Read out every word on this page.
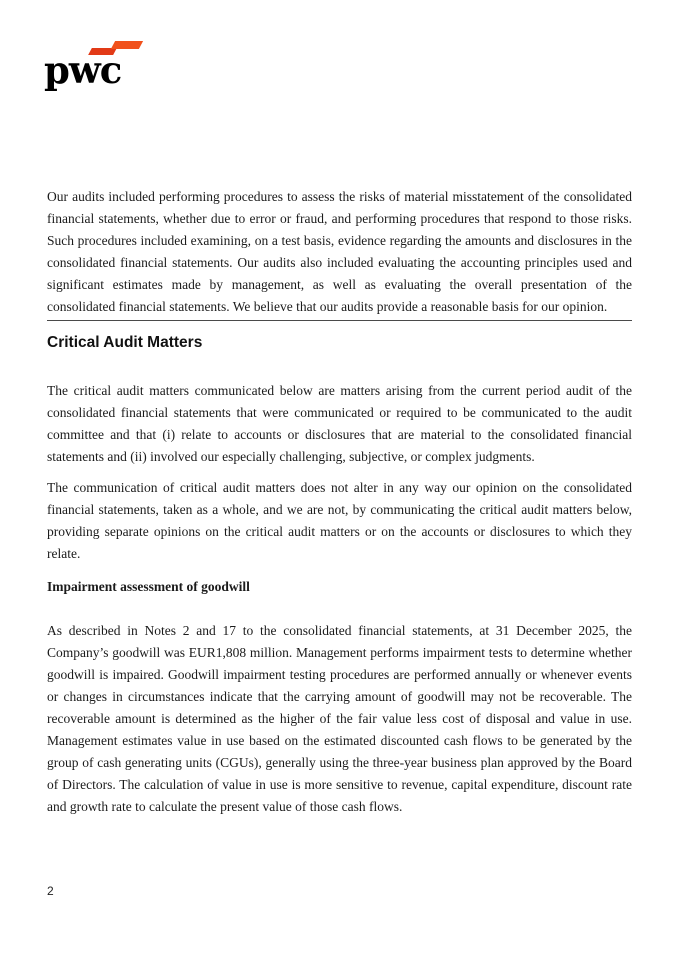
pwc

Our audits included performing procedures to assess the risks of material misstatement of the consolidated financial statements, whether due to error or fraud, and performing procedures that respond to those risks. Such procedures included examining, on a test basis, evidence regarding the amounts and disclosures in the consolidated financial statements. Our audits also included evaluating the accounting principles used and significant estimates made by management, as well as evaluating the overall presentation of the consolidated financial statements. We believe that our audits provide a reasonable basis for our opinion.

Critical Audit Matters

The critical audit matters communicated below are matters arising from the current period audit of the consolidated financial statements that were communicated or required to be communicated to the audit committee and that (i) relate to accounts or disclosures that are material to the consolidated financial statements and (ii) involved our especially challenging, subjective, or complex judgments.

The communication of critical audit matters does not alter in any way our opinion on the consolidated financial statements, taken as a whole, and we are not, by communicating the critical audit matters below, providing separate opinions on the critical audit matters or on the accounts or disclosures to which they relate.

Impairment assessment of goodwill

As described in Notes 2 and 17 to the consolidated financial statements, at 31 December 2025, the Company’s goodwill was EUR1,808 million. Management performs impairment tests to determine whether goodwill is impaired. Goodwill impairment testing procedures are performed annually or whenever events or changes in circumstances indicate that the carrying amount of goodwill may not be recoverable. The recoverable amount is determined as the higher of the fair value less cost of disposal and value in use. Management estimates value in use based on the estimated discounted cash flows to be generated by the group of cash generating units (CGUs), generally using the three-year business plan approved by the Board of Directors. The calculation of value in use is more sensitive to revenue, capital expenditure, discount rate and growth rate to calculate the present value of those cash flows.

2
